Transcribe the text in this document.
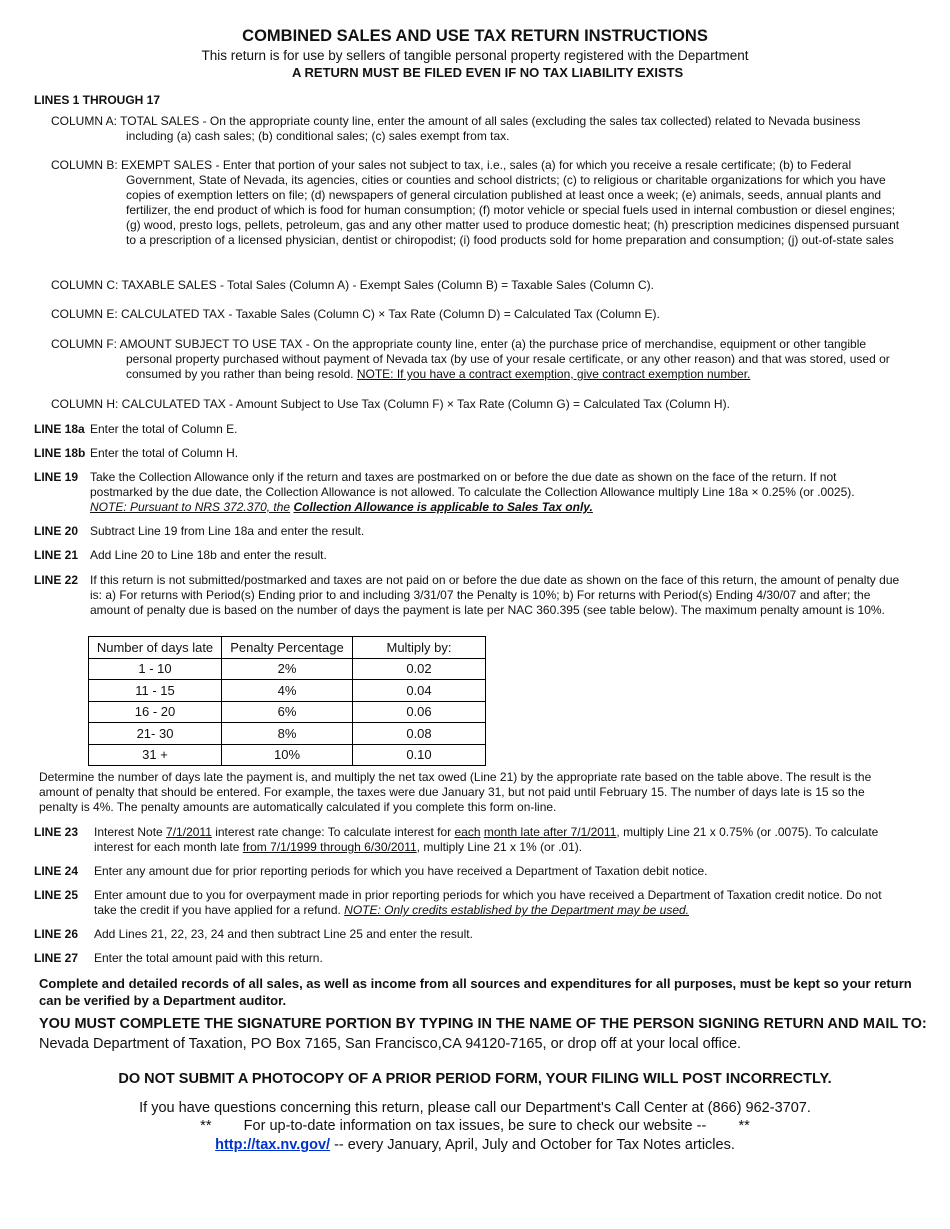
COMBINED SALES AND USE TAX RETURN INSTRUCTIONS
This return is for use by sellers of tangible personal property registered with the Department
A RETURN MUST BE FILED EVEN IF NO TAX LIABILITY EXISTS
LINES 1 THROUGH 17
COLUMN A: TOTAL SALES - On the appropriate county line, enter the amount of all sales (excluding the sales tax collected) related to Nevada business including (a) cash sales; (b) conditional sales; (c) sales exempt from tax.
COLUMN B: EXEMPT SALES - Enter that portion of your sales not subject to tax, i.e., sales (a) for which you receive a resale certificate; (b) to Federal Government, State of Nevada, its agencies, cities or counties and school districts; (c) to religious or charitable organizations for which you have copies of exemption letters on file; (d) newspapers of general circulation published at least once a week; (e) animals, seeds, annual plants and fertilizer, the end product of which is food for human consumption; (f) motor vehicle or special fuels used in internal combustion or diesel engines; (g) wood, presto logs, pellets, petroleum, gas and any other matter used to produce domestic heat; (h) prescription medicines dispensed pursuant to a prescription of a licensed physician, dentist or chiropodist; (i) food products sold for home preparation and consumption; (j) out-of-state sales
COLUMN C: TAXABLE SALES - Total Sales (Column A) - Exempt Sales (Column B) = Taxable Sales (Column C).
COLUMN E: CALCULATED TAX - Taxable Sales (Column C) × Tax Rate (Column D) = Calculated Tax (Column E).
COLUMN F: AMOUNT SUBJECT TO USE TAX - On the appropriate county line, enter (a) the purchase price of merchandise, equipment or other tangible personal property purchased without payment of Nevada tax (by use of your resale certificate, or any other reason) and that was stored, used or consumed by you rather than being resold. NOTE: If you have a contract exemption, give contract exemption number.
COLUMN H: CALCULATED TAX - Amount Subject to Use Tax (Column F) × Tax Rate (Column G) = Calculated Tax (Column H).
LINE 18a Enter the total of Column E.
LINE 18b Enter the total of Column H.
LINE 19 Take the Collection Allowance only if the return and taxes are postmarked on or before the due date as shown on the face of the return. If not postmarked by the due date, the Collection Allowance is not allowed. To calculate the Collection Allowance multiply Line 18a × 0.25% (or .0025).
NOTE: Pursuant to NRS 372.370, the Collection Allowance is applicable to Sales Tax only.
LINE 20 Subtract Line 19 from Line 18a and enter the result.
LINE 21 Add Line 20 to Line 18b and enter the result.
LINE 22 If this return is not submitted/postmarked and taxes are not paid on or before the due date as shown on the face of this return, the amount of penalty due is: a) For returns with Period(s) Ending prior to and including 3/31/07 the Penalty is 10%; b) For returns with Period(s) Ending 4/30/07 and after; the amount of penalty due is based on the number of days the payment is late per NAC 360.395 (see table below). The maximum penalty amount is 10%.
Number of days late	Penalty Percentage	Multiply by:
1 - 10	2%	0.02
11 - 15	4%	0.04
16 - 20	6%	0.06
21- 30	8%	0.08
31 +	10%	0.10
Determine the number of days late the payment is, and multiply the net tax owed (Line 21) by the appropriate rate based on the table above. The result is the amount of penalty that should be entered. For example, the taxes were due January 31, but not paid until February 15. The number of days late is 15 so the penalty is 4%. The penalty amounts are automatically calculated if you complete this form on-line.
LINE 23	Interest Note 7/1/2011 interest rate change: To calculate interest for each month late after 7/1/2011, multiply Line 21 x 0.75% (or .0075). To calculate interest for each month late from 7/1/1999 through 6/30/2011, multiply Line 21 x 1% (or .01).
LINE 24	Enter any amount due for prior reporting periods for which you have received a Department of Taxation debit notice.
LINE 25	Enter amount due to you for overpayment made in prior reporting periods for which you have received a Department of Taxation credit notice. Do not take the credit if you have applied for a refund. NOTE: Only credits established by the Department may be used.
LINE 26	Add Lines 21, 22, 23, 24 and then subtract Line 25 and enter the result.
LINE 27	Enter the total amount paid with this return.
Complete and detailed records of all sales, as well as income from all sources and expenditures for all purposes, must be kept so your return can be verified by a Department auditor.
YOU MUST COMPLETE THE SIGNATURE PORTION BY TYPING IN THE NAME OF THE PERSON SIGNING RETURN AND MAIL TO: Nevada Department of Taxation, PO Box 7165, San Francisco,CA 94120-7165, or drop off at your local office.
DO NOT SUBMIT A PHOTOCOPY OF A PRIOR PERIOD FORM, YOUR FILING WILL POST INCORRECTLY.
If you have questions concerning this return, please call our Department's Call Center at (866) 962-3707.
**        For up-to-date information on tax issues, be sure to check our website --        **
http://tax.nv.gov/ -- every January, April, July and October for Tax Notes articles.
